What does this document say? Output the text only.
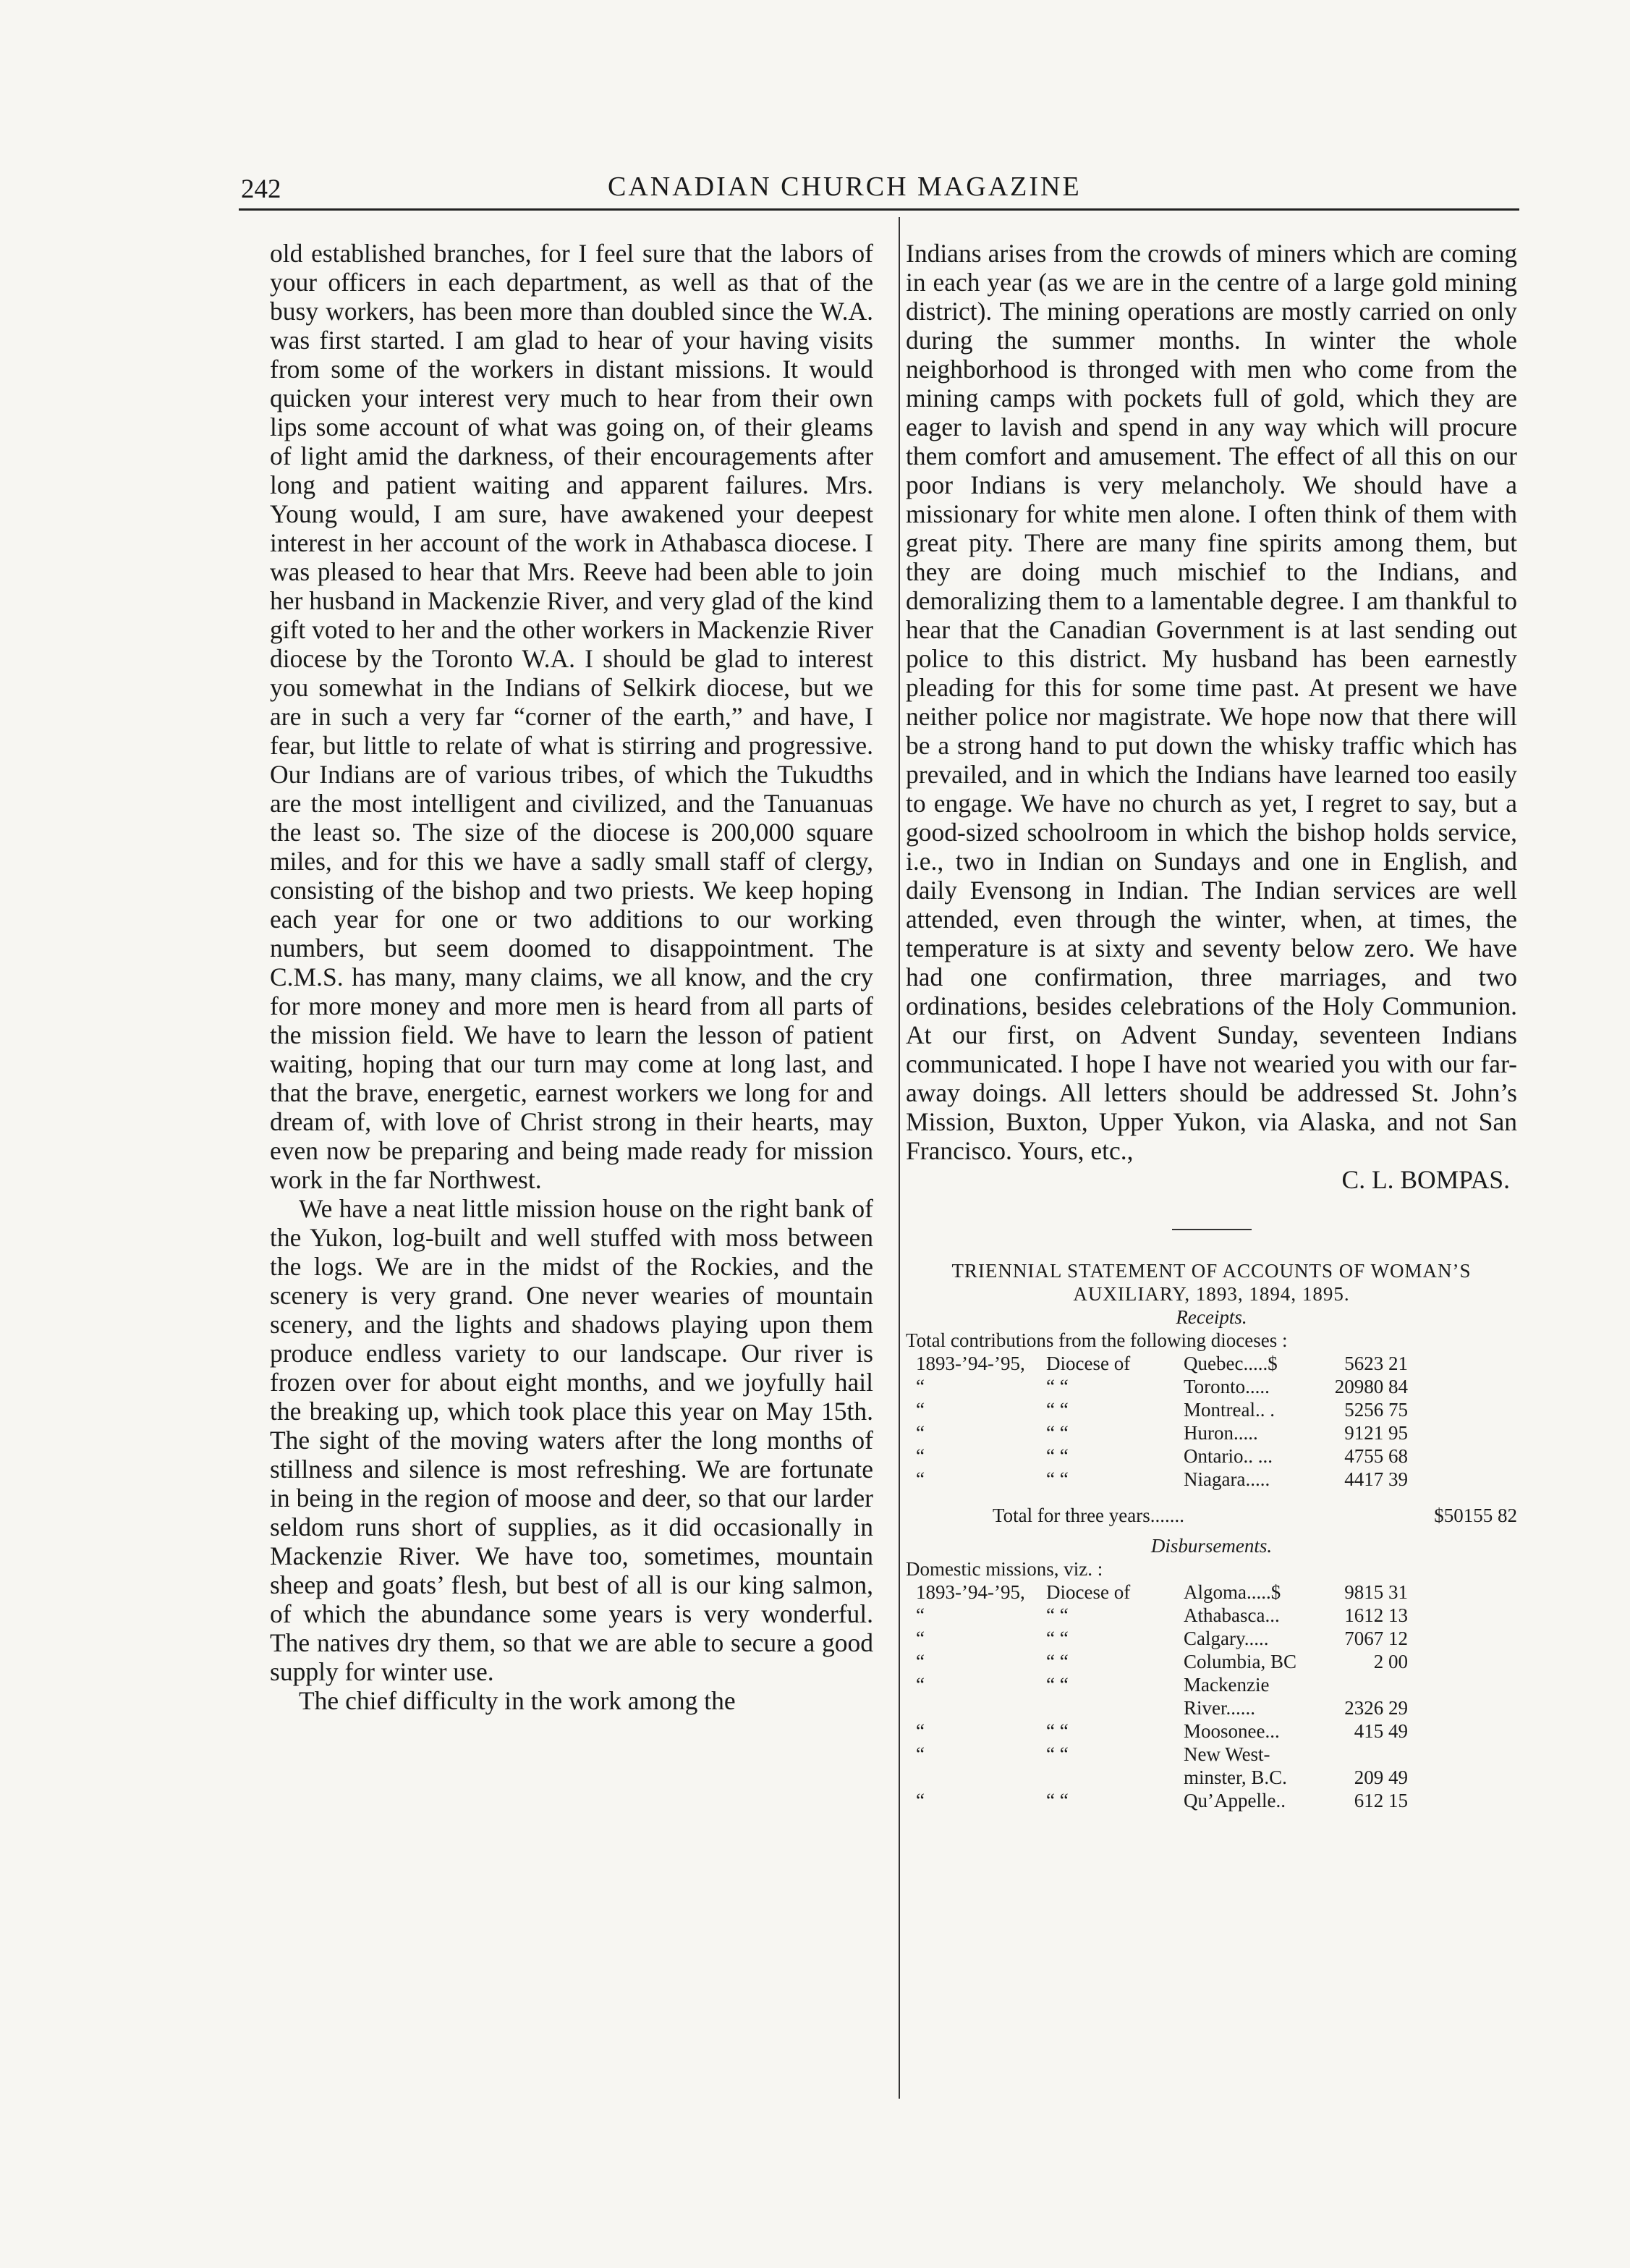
242	CANADIAN CHURCH MAGAZINE

old established branches, for I feel sure that the labors of your officers in each department, as well as that of the busy workers, has been more than doubled since the W.A. was first started. I am glad to hear of your having visits from some of the workers in distant missions. It would quicken your interest very much to hear from their own lips some account of what was going on, of their gleams of light amid the darkness, of their encouragements after long and patient waiting and apparent failures. Mrs. Young would, I am sure, have awakened your deepest interest in her account of the work in Athabasca diocese. I was pleased to hear that Mrs. Reeve had been able to join her husband in Mackenzie River, and very glad of the kind gift voted to her and the other workers in Mackenzie River diocese by the Toronto W.A. I should be glad to interest you somewhat in the Indians of Selkirk diocese, but we are in such a very far “corner of the earth,” and have, I fear, but little to relate of what is stirring and progressive. Our Indians are of various tribes, of which the Tukudths are the most intelligent and civilized, and the Tanuanuas the least so. The size of the diocese is 200,000 square miles, and for this we have a sadly small staff of clergy, consisting of the bishop and two priests. We keep hoping each year for one or two additions to our working numbers, but seem doomed to disappointment. The C.M.S. has many, many claims, we all know, and the cry for more money and more men is heard from all parts of the mission field. We have to learn the lesson of patient waiting, hoping that our turn may come at long last, and that the brave, energetic, earnest workers we long for and dream of, with love of Christ strong in their hearts, may even now be preparing and being made ready for mission work in the far Northwest.

We have a neat little mission house on the right bank of the Yukon, log-built and well stuffed with moss between the logs. We are in the midst of the Rockies, and the scenery is very grand. One never wearies of mountain scenery, and the lights and shadows playing upon them produce endless variety to our landscape. Our river is frozen over for about eight months, and we joyfully hail the breaking up, which took place this year on May 15th. The sight of the moving waters after the long months of stillness and silence is most refreshing. We are fortunate in being in the region of moose and deer, so that our larder seldom runs short of supplies, as it did occasionally in Mackenzie River. We have too, sometimes, mountain sheep and goats’ flesh, but best of all is our king salmon, of which the abundance some years is very wonderful. The natives dry them, so that we are able to secure a good supply for winter use.

The chief difficulty in the work among the

Indians arises from the crowds of miners which are coming in each year (as we are in the centre of a large gold mining district). The mining operations are mostly carried on only during the summer months. In winter the whole neighborhood is thronged with men who come from the mining camps with pockets full of gold, which they are eager to lavish and spend in any way which will procure them comfort and amusement. The effect of all this on our poor Indians is very melancholy. We should have a missionary for white men alone. I often think of them with great pity. There are many fine spirits among them, but they are doing much mischief to the Indians, and demoralizing them to a lamentable degree. I am thankful to hear that the Canadian Government is at last sending out police to this district. My husband has been earnestly pleading for this for some time past. At present we have neither police nor magistrate. We hope now that there will be a strong hand to put down the whisky traffic which has prevailed, and in which the Indians have learned too easily to engage. We have no church as yet, I regret to say, but a good-sized schoolroom in which the bishop holds service, i.e., two in Indian on Sundays and one in English, and daily Evensong in Indian. The Indian services are well attended, even through the winter, when, at times, the temperature is at sixty and seventy below zero. We have had one confirmation, three marriages, and two ordinations, besides celebrations of the Holy Communion. At our first, on Advent Sunday, seventeen Indians communicated. I hope I have not wearied you with our far-away doings. All letters should be addressed St. John’s Mission, Buxton, Upper Yukon, via Alaska, and not San Francisco. Yours, etc.,

C. L. BOMPAS.

TRIENNIAL STATEMENT OF ACCOUNTS OF WOMAN’S
AUXILIARY, 1893, 1894, 1895.

Receipts.

Total contributions from the following dioceses :

1893-’94-’95,	Diocese of	Quebec.....$	5623 21
“	“ “	Toronto.....	20980 84
“	“ “	Montreal.. .	5256 75
“	“ “	Huron.....	9121 95
“	“ “	Ontario.. ...	4755 68
“	“ “	Niagara.....	4417 39
Total for three years.......	$50155 82

Disbursements.

Domestic missions, viz. :

1893-’94-’95,	Diocese of	Algoma.....$	9815 31
“	“ “	Athabasca...	1612 13
“	“ “	Calgary.....	7067 12
“	“ “	Columbia, BC	2 00
“	“ “	Mackenzie	
		River......	2326 29
“	“ “	Moosonee...	415 49
“	“ “	New West-	
		minster, B.C.	209 49
“	“ “	Qu’Appelle..	612 15
